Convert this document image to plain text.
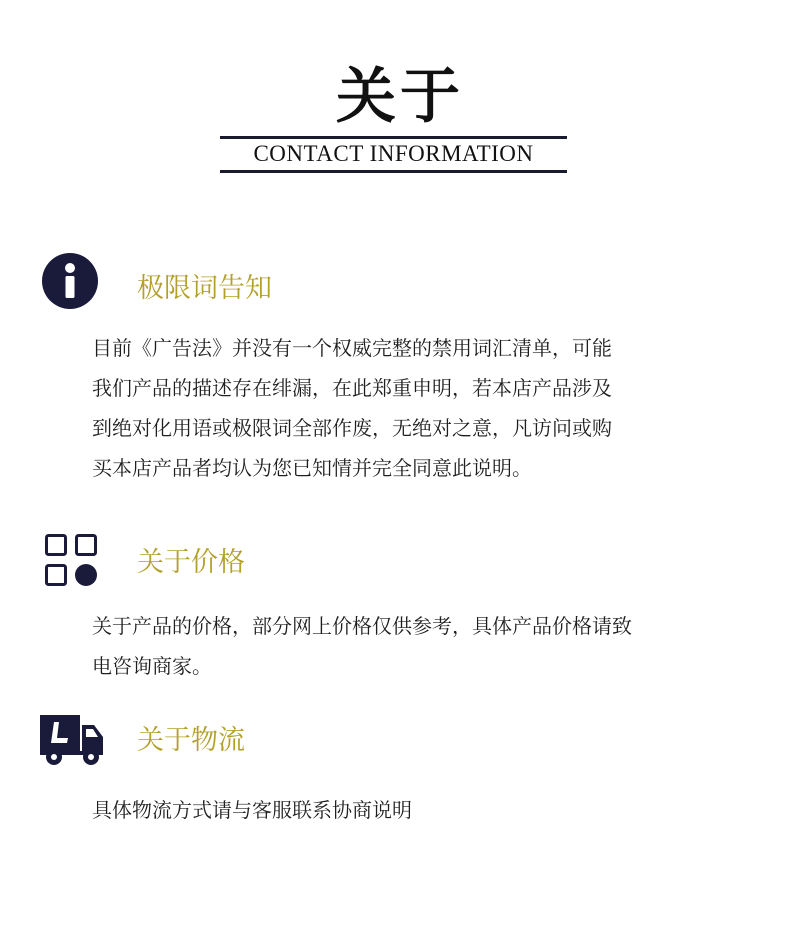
关于
CONTACT INFORMATION
极限词告知
目前《广告法》并没有一个权威完整的禁用词汇清单，可能
我们产品的描述存在绯漏，在此郑重申明，若本店产品涉及
到绝对化用语或极限词全部作废，无绝对之意，凡访问或购
买本店产品者均认为您已知情并完全同意此说明。
关于价格
关于产品的价格，部分网上价格仅供参考，具体产品价格请致
电咨询商家。
关于物流
具体物流方式请与客服联系协商说明
